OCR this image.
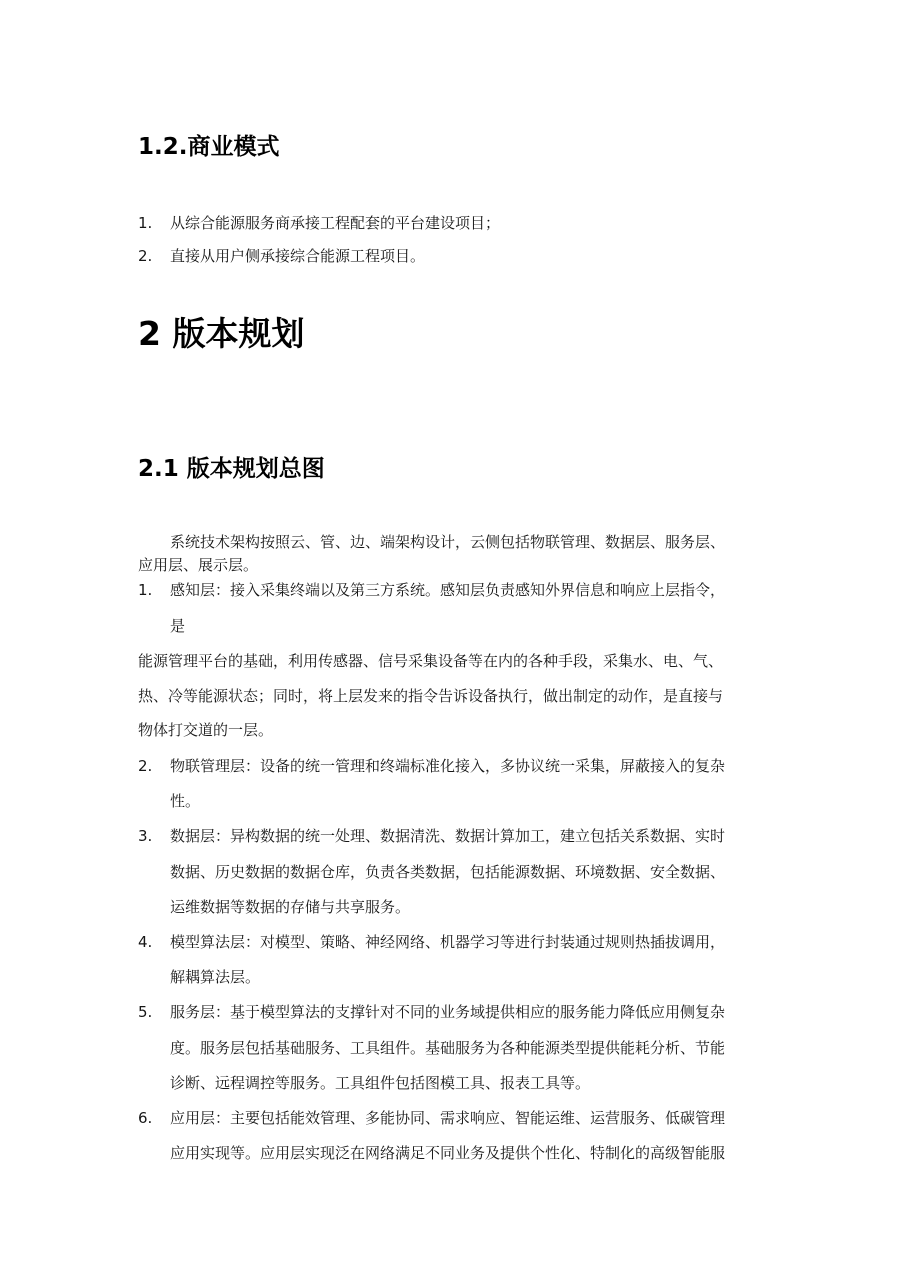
1.2.商业模式
1. 从综合能源服务商承接工程配套的平台建设项目；
2. 直接从用户侧承接综合能源工程项目。
2 版本规划
2.1 版本规划总图
系统技术架构按照云、管、边、端架构设计，云侧包括物联管理、数据层、服务层、
应用层、展示层。
1. 感知层：接入采集终端以及第三方系统。感知层负责感知外界信息和响应上层指令，
是
能源管理平台的基础，利用传感器、信号采集设备等在内的各种手段，采集水、电、气、
热、冷等能源状态；同时，将上层发来的指令告诉设备执行，做出制定的动作，是直接与
物体打交道的一层。
2. 物联管理层：设备的统一管理和终端标准化接入，多协议统一采集，屏蔽接入的复杂
性。
3. 数据层：异构数据的统一处理、数据清洗、数据计算加工，建立包括关系数据、实时
数据、历史数据的数据仓库，负责各类数据，包括能源数据、环境数据、安全数据、
运维数据等数据的存储与共享服务。
4. 模型算法层：对模型、策略、神经网络、机器学习等进行封装通过规则热插拔调用，
解耦算法层。
5. 服务层：基于模型算法的支撑针对不同的业务域提供相应的服务能力降低应用侧复杂
度。服务层包括基础服务、工具组件。基础服务为各种能源类型提供能耗分析、节能
诊断、远程调控等服务。工具组件包括图模工具、报表工具等。
6. 应用层：主要包括能效管理、多能协同、需求响应、智能运维、运营服务、低碳管理
应用实现等。应用层实现泛在网络满足不同业务及提供个性化、特制化的高级智能服
